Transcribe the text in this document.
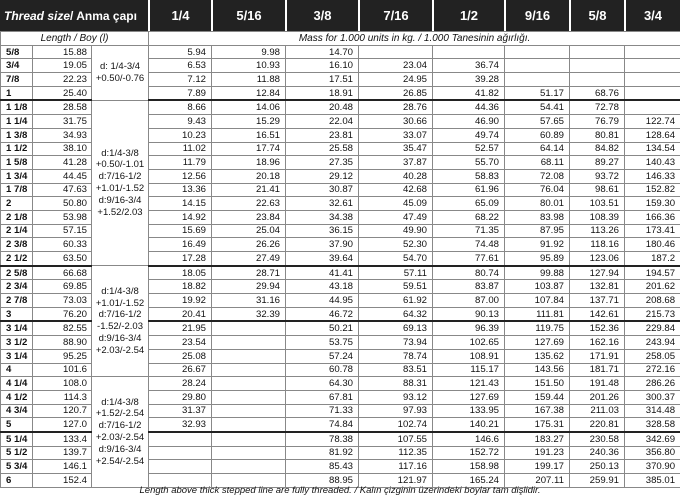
Thread size / Anma çapı	1/4	5/16	3/8	7/16	1/2	9/16	5/8	3/4
Length / Boy (l)			Mass for 1.000 units in kg. / 1.000 Tanesinin ağırlığı.							
5/8	15.88	d: 1/4-3/4 +0.50/-0.76	5.94	9.98	14.70					
3/4	19.05		6.53	10.93	16.10	23.04	36.74			
7/8	22.23		7.12	11.88	17.51	24.95	39.28			
1	25.40		7.89	12.84	18.91	26.85	41.82	51.17	68.76	
1 1/8	28.58	d:1/4-3/8 +0.50/-1.01 d:7/16-1/2 +1.01/-1.52 d:9/16-3/4 +1.52/2.03	8.66	14.06	20.48	28.76	44.36	54.41	72.78	
1 1/4	31.75		9.43	15.29	22.04	30.66	46.90	57.65	76.79	122.74
1 3/8	34.93		10.23	16.51	23.81	33.07	49.74	60.89	80.81	128.64
1 1/2	38.10		11.02	17.74	25.58	35.47	52.57	64.14	84.82	134.54
1 5/8	41.28		11.79	18.96	27.35	37.87	55.70	68.11	89.27	140.43
1 3/4	44.45		12.56	20.18	29.12	40.28	58.83	72.08	93.72	146.33
1 7/8	47.63		13.36	21.41	30.87	42.68	61.96	76.04	98.61	152.82
2	50.80		14.15	22.63	32.61	45.09	65.09	80.01	103.51	159.30
2 1/8	53.98		14.92	23.84	34.38	47.49	68.22	83.98	108.39	166.36
2 1/4	57.15		15.69	25.04	36.15	49.90	71.35	87.95	113.26	173.41
2 3/8	60.33		16.49	26.26	37.90	52.30	74.48	91.92	118.16	180.46
2 1/2	63.50		17.28	27.49	39.64	54.70	77.61	95.89	123.06	187.2
2 5/8	66.68	d:1/4-3/8 +1.01/-1.52 d:7/16-1/2 -1.52/-2.03 d:9/16-3/4 +2.03/-2.54	18.05	28.71	41.41	57.11	80.74	99.88	127.94	194.57
2 3/4	69.85		18.82	29.94	43.18	59.51	83.87	103.87	132.81	201.62
2 7/8	73.03		19.92	31.16	44.95	61.92	87.00	107.84	137.71	208.68
3	76.20		20.41	32.39	46.72	64.32	90.13	111.81	142.61	215.73
3 1/4	82.55		21.95		50.21	69.13	96.39	119.75	152.36	229.84
3 1/2	88.90		23.54		53.75	73.94	102.65	127.69	162.16	243.94
3 1/4	95.25		25.08		57.24	78.74	108.91	135.62	171.91	258.05
4	101.6		26.67		60.78	83.51	115.17	143.56	181.71	272.16
4 1/4	108.0	d:1/4-3/8 +1.52/-2.54 d:7/16-1/2 +2.03/-2.54 d:9/16-3/4 +2.54/-2.54	28.24		64.30	88.31	121.43	151.50	191.48	286.26
4 1/2	114.3		29.80		67.81	93.12	127.69	159.44	201.26	300.37
4 3/4	120.7		31.37		71.33	97.93	133.95	167.38	211.03	314.48
5	127.0		32.93		74.84	102.74	140.21	175.31	220.81	328.58
5 1/4	133.4				78.38	107.55	146.6	183.27	230.58	342.69
5 1/2	139.7				81.92	112.35	152.72	191.23	240.36	356.80
5 3/4	146.1				85.43	117.16	158.98	199.17	250.13	370.90
6	152.4				88.95	121.97	165.24	207.11	259.91	385.01
Length above thick stepped line are fully threaded. / Kalın çizginin üzerindeki boylar tam dişlidir.
